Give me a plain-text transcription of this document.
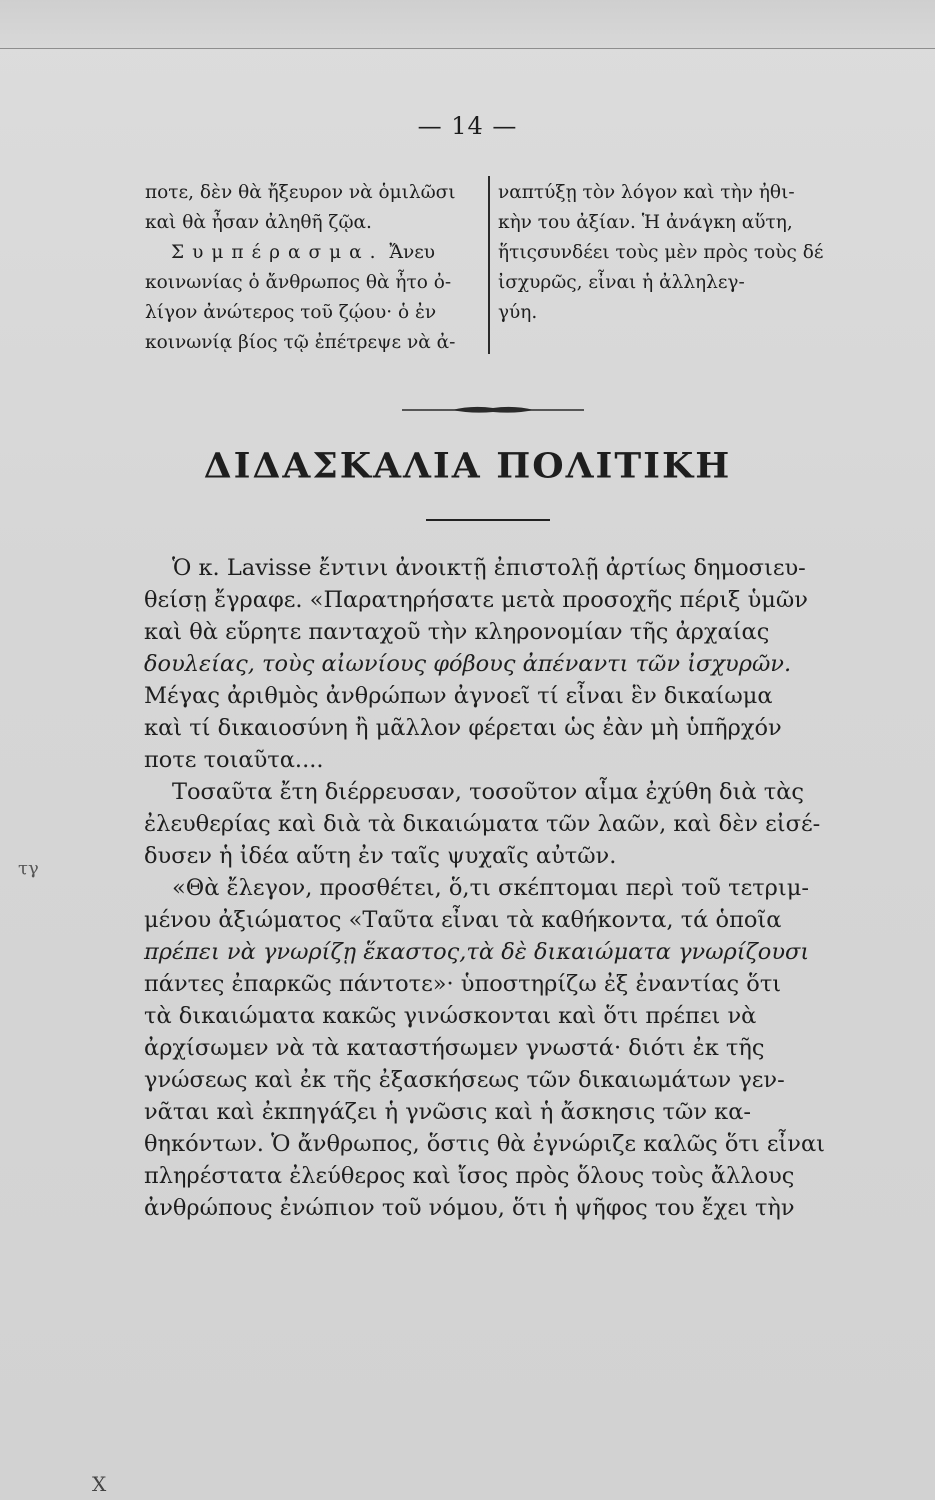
— 14 —
ποτε, δὲν θὰ ἤξευρον νὰ ὁμιλῶσι
καὶ θὰ ἦσαν ἀληθῆ ζῷα.
Συμπέρασμα. Ἄνευ
κοινωνίας ὁ ἄνθρωπος θὰ ἦτο ὀ-
λίγον ἀνώτερος τοῦ ζῴου· ὁ ἐν
κοινωνίᾳ βίος τῷ ἐπέτρεψε νὰ ἀ-
ναπτύξῃ τὸν λόγον καὶ τὴν ἠθι-
κὴν του ἀξίαν. Ἡ ἀνάγκη αὕτη,
ἥτιςσυνδέει τοὺς μὲν πρὸς τοὺς δέ
ἰσχυρῶς, εἶναι ἡ ἀλληλεγ-
γύη.
ΔΙΔΑΣΚΑΛΙΑ ΠΟΛΙΤΙΚΗ
Ὁ κ. Lavisse ἔντινι ἀνοικτῇ ἐπιστολῇ ἀρτίως δημοσιευ-
θείσῃ ἔγραφε. «Παρατηρήσατε μετὰ προσοχῆς πέριξ ὑμῶν
καὶ θὰ εὕρητε πανταχοῦ τὴν κληρονομίαν τῆς ἀρχαίας
δουλείας, τοὺς αἰωνίους φόβους ἀπέναντι τῶν ἰσχυρῶν.
Μέγας ἀριθμὸς ἀνθρώπων ἀγνοεῖ τί εἶναι ἓν δικαίωμα
καὶ τί δικαιοσύνη ἢ μᾶλλον φέρεται ὡς ἐὰν μὴ ὑπῆρχόν
ποτε τοιαῦτα....
Τοσαῦτα ἔτη διέρρευσαν, τοσοῦτον αἷμα ἐχύθη διὰ τὰς
ἐλευθερίας καὶ διὰ τὰ δικαιώματα τῶν λαῶν, καὶ δὲν εἰσέ-
δυσεν ἡ ἰδέα αὕτη ἐν ταῖς ψυχαῖς αὐτῶν.
«Θὰ ἔλεγον, προσθέτει, ὅ,τι σκέπτομαι περὶ τοῦ τετριμ-
μένου ἀξιώματος «Ταῦτα εἶναι τὰ καθήκοντα, τά ὁποῖα
πρέπει νὰ γνωρίζῃ ἕκαστος,τὰ δὲ δικαιώματα γνωρίζουσι
πάντες ἐπαρκῶς πάντοτε»· ὑποστηρίζω ἐξ ἐναντίας ὅτι
τὰ δικαιώματα κακῶς γινώσκονται καὶ ὅτι πρέπει νὰ
ἀρχίσωμεν νὰ τὰ καταστήσωμεν γνωστά· διότι ἐκ τῆς
γνώσεως καὶ ἐκ τῆς ἐξασκήσεως τῶν δικαιωμάτων γεν-
νᾶται καὶ ἐκπηγάζει ἡ γνῶσις καὶ ἡ ἄσκησις τῶν κα-
θηκόντων. Ὁ ἄνθρωπος, ὅστις θὰ ἐγνώριζε καλῶς ὅτι εἶναι
πληρέστατα ἐλεύθερος καὶ ἴσος πρὸς ὅλους τοὺς ἄλλους
ἀνθρώπους ἐνώπιον τοῦ νόμου, ὅτι ἡ ψῆφος του ἔχει τὴν
τγ
X
